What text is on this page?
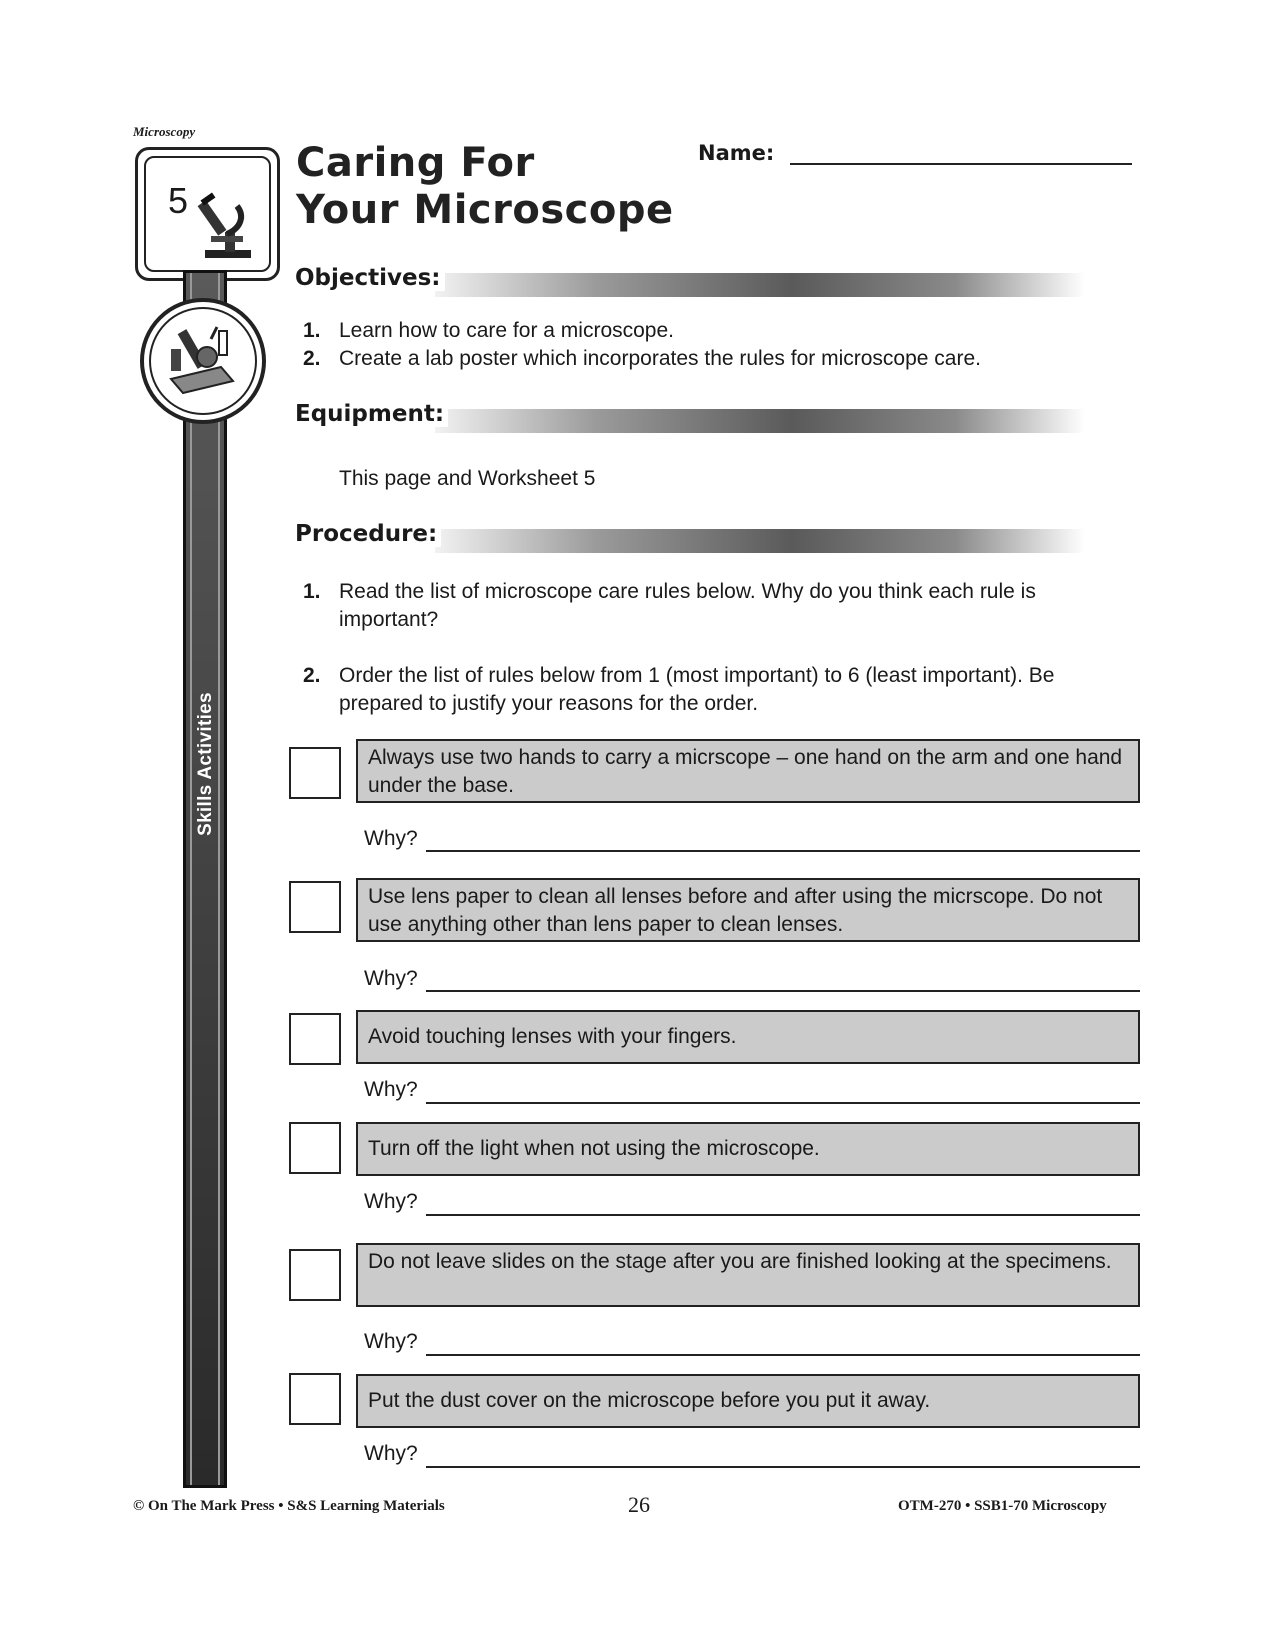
Microscopy
5
Skills Activities
Caring For
Your Microscope
Name:
Objectives:
1. Learn how to care for a microscope.
2. Create a lab poster which incorporates the rules for microscope care.
Equipment:
This page and Worksheet 5
Procedure:
1. Read the list of microscope care rules below. Why do you think each rule is important?
2. Order the list of rules below from 1 (most important) to 6 (least important). Be prepared to justify your reasons for the order.
Always use two hands to carry a micrscope – one hand on the arm and one hand under the base.
Why?
Use lens paper to clean all lenses before and after using the micrscope. Do not use anything other than lens paper to clean lenses.
Why?
Avoid touching lenses with your fingers.
Why?
Turn off the light when not using the microscope.
Why?
Do not leave slides on the stage after you are finished looking at the specimens.
Why?
Put the dust cover on the microscope before you put it away.
Why?
© On The Mark Press • S&S Learning Materials	26	OTM-270 • SSB1-70 Microscopy
